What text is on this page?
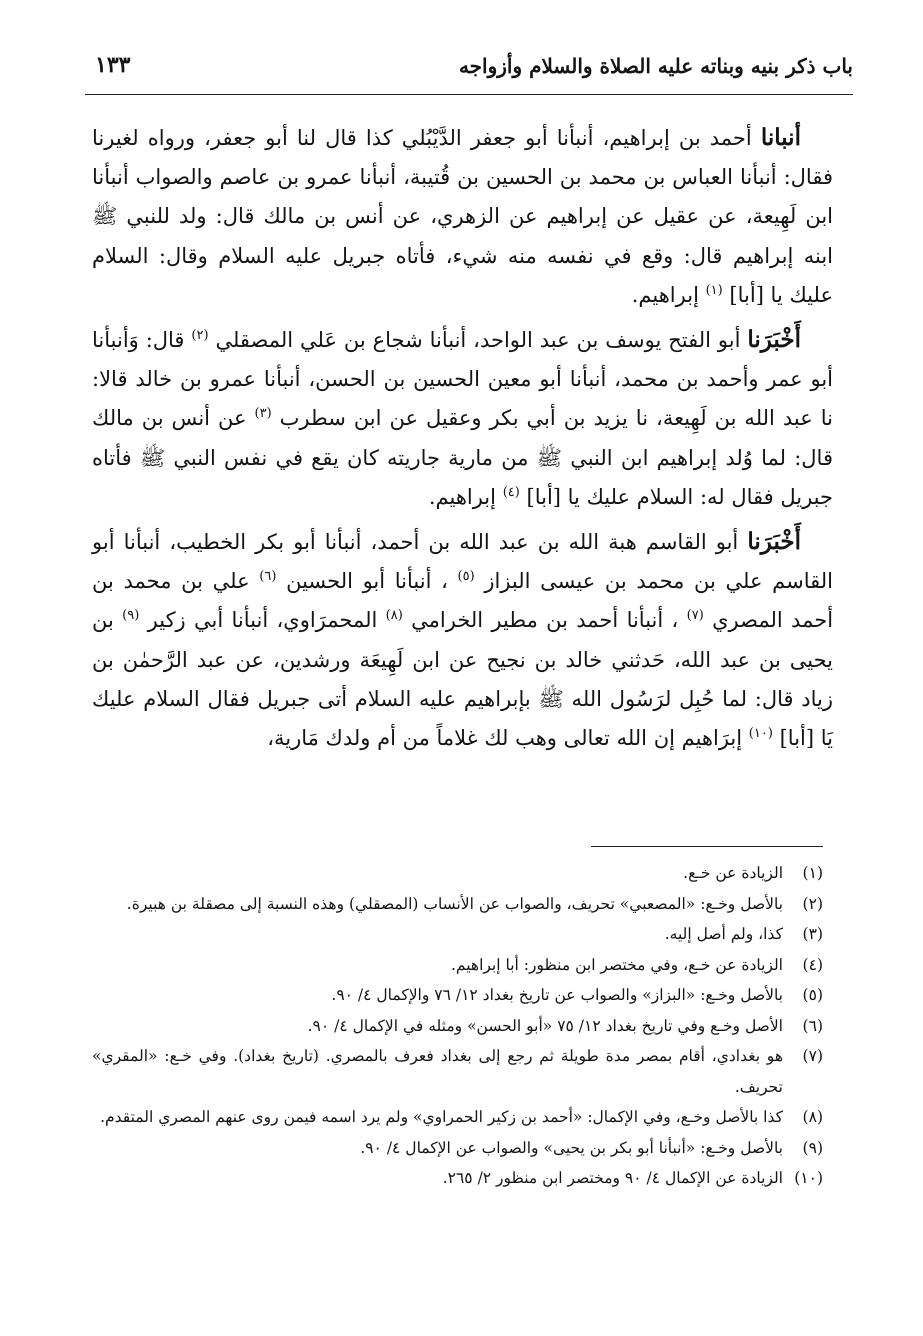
باب ذكر بنيه وبناته عليه الصلاة والسلام وأزواجه
١٣٣

أنبانا أحمد بن إبراهيم، أنبأنا أبو جعفر الدَّيْبُلي كذا قال لنا أبو جعفر، ورواه لغيرنا فقال: أنبأنا العباس بن محمد بن الحسين بن قُتيبة، أنبأنا عمرو بن عاصم والصواب أنبأنا ابن لَهِيعة، عن عقيل عن إبراهيم عن الزهري، عن أنس بن مالك قال: ولد للنبي ﷺ ابنه إبراهيم قال: وقع في نفسه منه شيء، فأتاه جبريل عليه السلام وقال: السلام عليك يا [أبا] $^{(١)}$ إبراهيم.

أَخْبَرَنا أبو الفتح يوسف بن عبد الواحد، أنبأنا شجاع بن عَلي المصقلي $^{(٢)}$ قال: وَأنبأنا أبو عمر وأحمد بن محمد، أنبأنا أبو معين الحسين بن الحسن، أنبأنا عمرو بن خالد قالا: نا عبد الله بن لَهِيعة، نا يزيد بن أبي بكر وعقيل عن ابن سطرب $^{(٣)}$ عن أنس بن مالك قال: لما وُلد إبراهيم ابن النبي ﷺ من مارية جاريته كان يقع في نفس النبي ﷺ فأتاه جبريل فقال له: السلام عليك يا [أبا] $^{(٤)}$ إبراهيم.

أَخْبَرَنا أبو القاسم هبة الله بن عبد الله بن أحمد، أنبأنا أبو بكر الخطيب، أنبأنا أبو القاسم علي بن محمد بن عيسى البزاز $^{(٥)}$ ، أنبأنا أبو الحسين $^{(٦)}$ علي بن محمد بن أحمد المصري $^{(٧)}$ ، أنبأنا أحمد بن مطير الخرامي $^{(٨)}$ المحمرَاوي، أنبأنا أبي زكير $^{(٩)}$ بن يحيى بن عبد الله، حَدثني خالد بن نجيح عن ابن لَهِيعَة ورشدين، عن عبد الرَّحمٰن بن زياد قال: لما حُبِل لرَسُول الله ﷺ بإبراهيم عليه السلام أتى جبريل فقال السلام عليك يَا [أبا] $^{(١٠)}$ إبرَاهيم إن الله تعالى وهب لك غلاماً من أم ولدك مَارية،

(١)
الزيادة عن خـع.
(٢)
بالأصل وخـع: «المصعبي» تحريف، والصواب عن الأنساب (المصقلي) وهذه النسبة إلى مصقلة بن هبيرة.
(٣)
كذا، ولم أصل إليه.
(٤)
الزيادة عن خـع، وفي مختصر ابن منظور: أبا إبراهيم.
(٥)
بالأصل وخـع: «البزاز» والصواب عن تاريخ بغداد ١٢/ ٧٦ والإكمال ٤/ ٩٠.
(٦)
الأصل وخـع وفي تاريخ بغداد ١٢/ ٧٥ «أبو الحسن» ومثله في الإكمال ٤/ ٩٠.
(٧)
هو بغدادي، أقام بمصر مدة طويلة ثم رجع إلى بغداد فعرف بالمصري. (تاريخ بغداد). وفي خـع: «المقري» تحريف.
(٨)
كذا بالأصل وخـع، وفي الإكمال: «أحمد بن زكير الحمراوي» ولم يرد اسمه فيمن روى عنهم المصري المتقدم.
(٩)
بالأصل وخـع: «أنبأنا أبو بكر بن يحيى» والصواب عن الإكمال ٤/ ٩٠.
(١٠)
الزيادة عن الإكمال ٤/ ٩٠ ومختصر ابن منظور ٢/ ٢٦٥.
